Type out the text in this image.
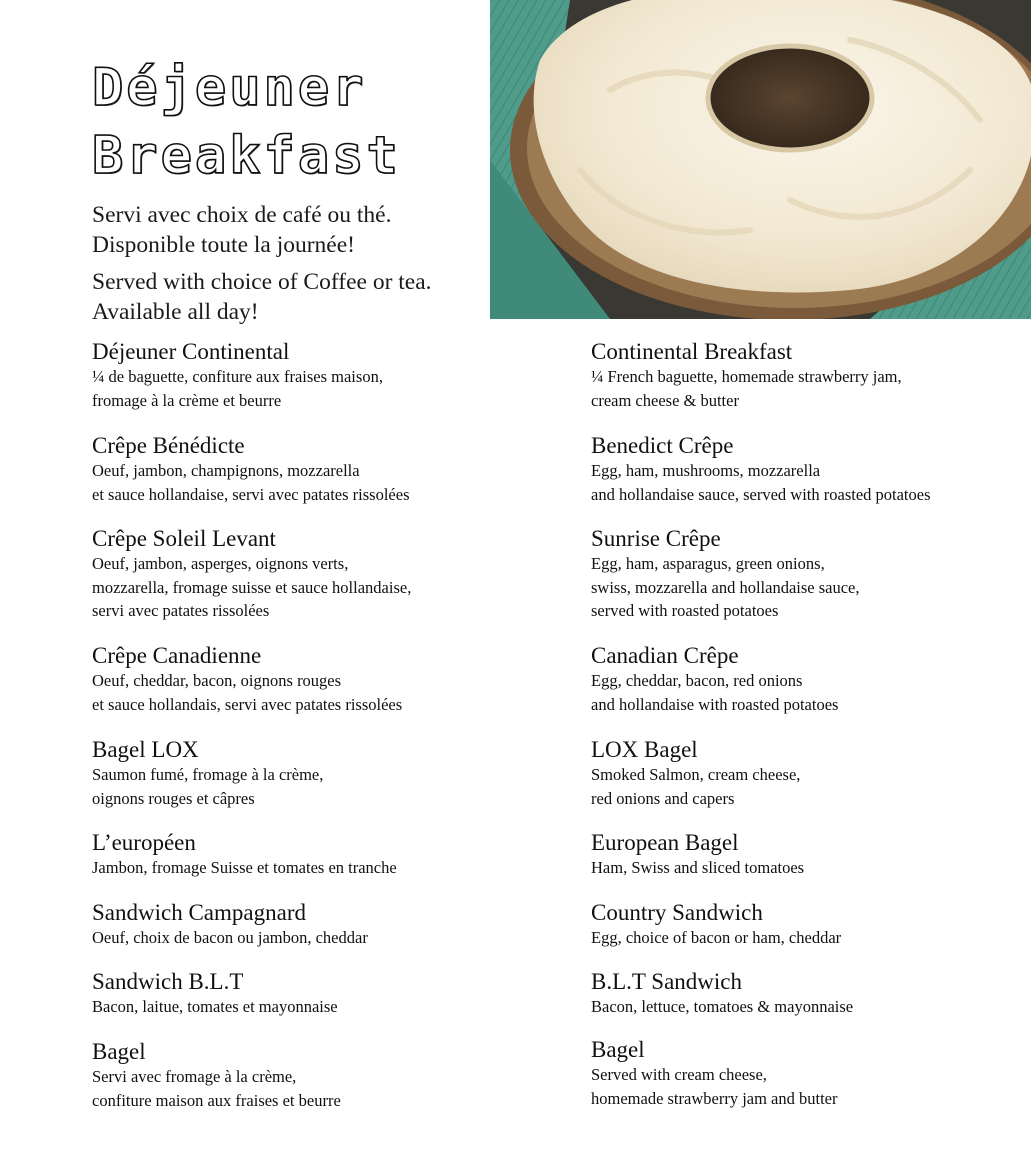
Déjeuner
Breakfast

Servi avec choix de café ou thé.
Disponible toute la journée!

Served with choice of Coffee or tea.
Available all day!

Déjeuner Continental
¼ de baguette, confiture aux fraises maison,
fromage à la crème et beurre
Crêpe Bénédicte
Oeuf, jambon, champignons, mozzarella
et sauce hollandaise, servi avec patates rissolées
Crêpe Soleil Levant
Oeuf, jambon, asperges, oignons verts,
mozzarella, fromage suisse et sauce hollandaise,
servi avec patates rissolées
Crêpe Canadienne
Oeuf, cheddar, bacon, oignons rouges
et sauce hollandais, servi avec patates rissolées
Bagel LOX
Saumon fumé, fromage à la crème,
oignons rouges et câpres
L’européen
Jambon, fromage Suisse et tomates en tranche
Sandwich Campagnard
Oeuf, choix de bacon ou jambon, cheddar
Sandwich B.L.T
Bacon, laitue, tomates et mayonnaise
Bagel
Servi avec fromage à la crème,
confiture maison aux fraises et beurre
Continental Breakfast
¼ French baguette, homemade strawberry jam,
cream cheese & butter
Benedict Crêpe
Egg, ham, mushrooms, mozzarella
and hollandaise sauce, served with roasted potatoes
Sunrise Crêpe
Egg, ham, asparagus, green onions,
swiss, mozzarella and hollandaise sauce,
served with roasted potatoes
Canadian Crêpe
Egg, cheddar, bacon, red onions
and hollandaise with roasted potatoes
LOX Bagel
Smoked Salmon, cream cheese,
red onions and capers
European Bagel
Ham, Swiss and sliced tomatoes
Country Sandwich
Egg, choice of bacon or ham, cheddar
B.L.T Sandwich
Bacon, lettuce, tomatoes & mayonnaise
Bagel
Served with cream cheese,
homemade strawberry jam and butter
